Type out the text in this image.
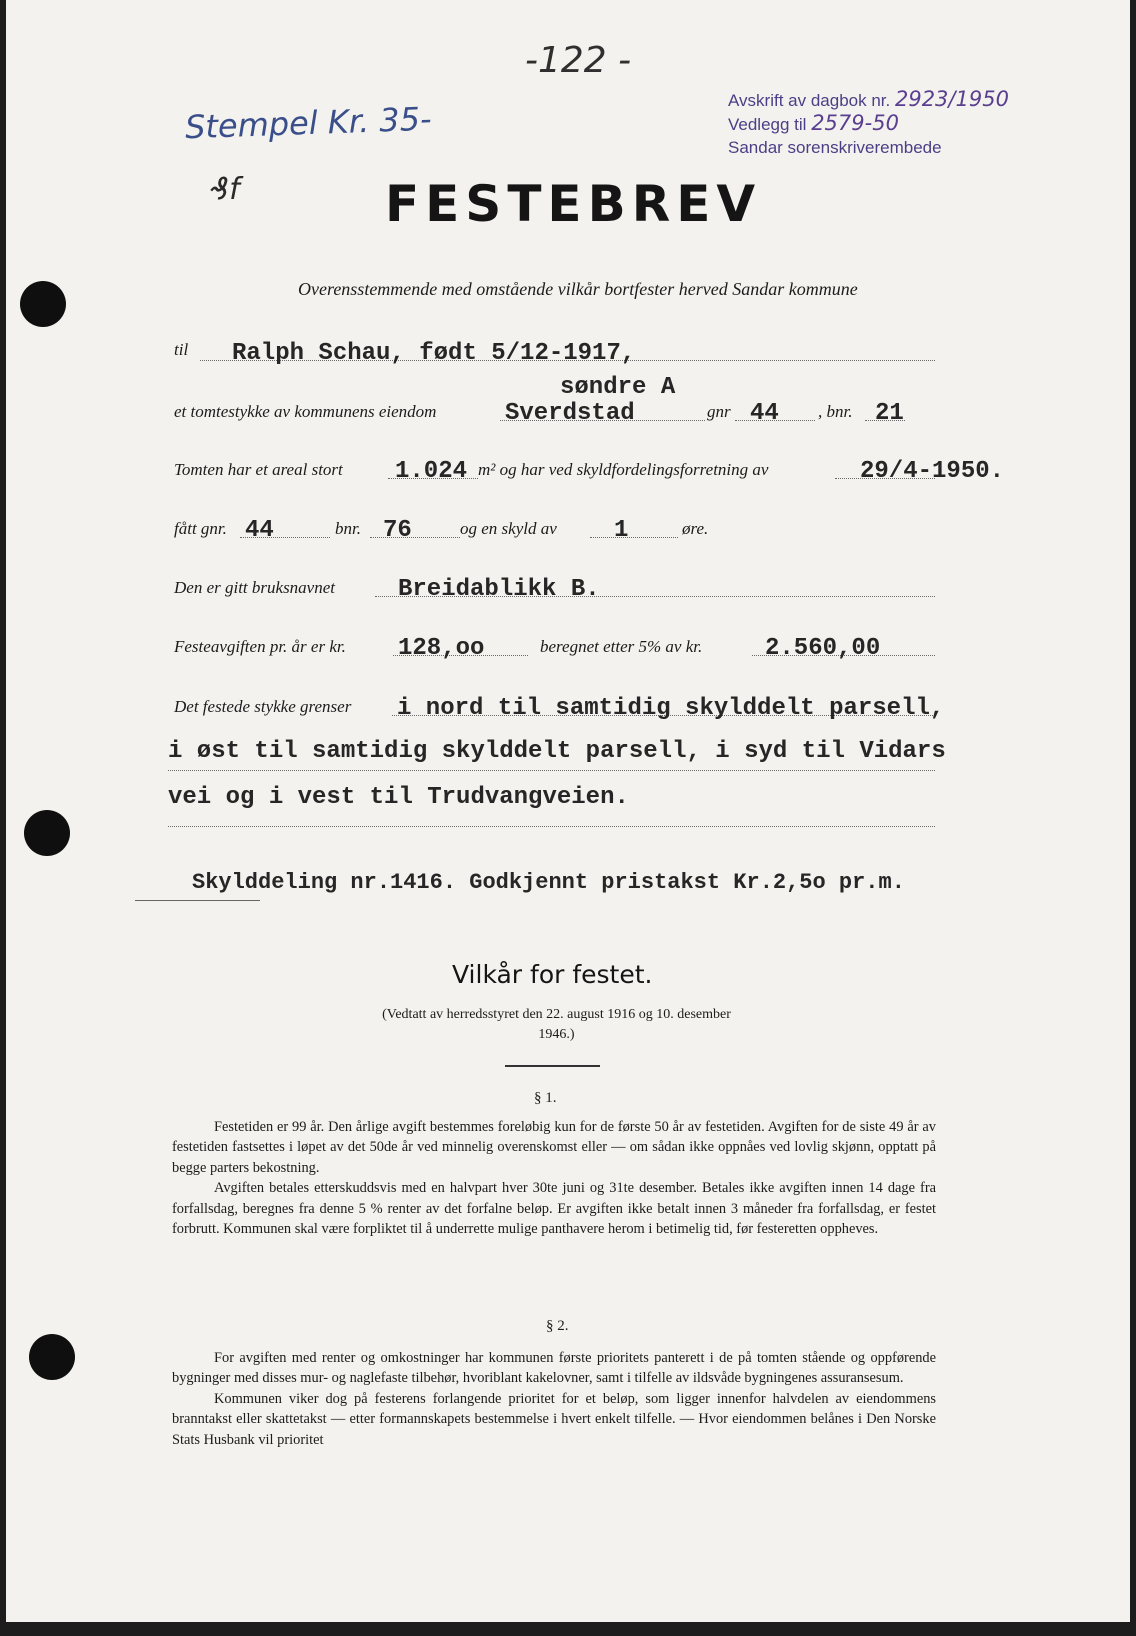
-122 -
Stempel Kr. 35-
₰f
Avskrift av dagbok nr. 2923/1950
Vedlegg til 2579-50
Sandar sorenskriverembede
FESTEBREV
Overensstemmende med omstående vilkår bortfester herved Sandar kommune
til Ralph Schau, født 5/12-1917,
søndre A
et tomtestykke av kommunens eiendom	Sverdstad	gnr 44 , bnr. 21
Tomten har et areal stort 1.024 m² og har ved skyldfordelingsforretning av	29/4-1950.
fått gnr. 44	bnr. 76	og en skyld av 1	øre.
Den er gitt bruksnavnet	Breidablikk B.
Festeavgiften pr. år er kr. 128,oo	beregnet etter 5% av kr.	2.560,00
Det festede stykke grenser i nord til samtidig skylddelt parsell,
i øst til samtidig skylddelt parsell, i syd til Vidars
vei og i vest til Trudvangveien.
Skylddeling nr.1416. Godkjennt pristakst Kr.2,5o pr.m.
Vilkår for festet.
(Vedtatt av herredsstyret den 22. august 1916 og 10. desember 1946.)
§ 1.

Festetiden er 99 år. Den årlige avgift bestemmes foreløbig kun for de første 50 år av festetiden. Avgiften for de siste 49 år av festetiden fastsettes i løpet av det 50de år ved minnelig overenskomst eller — om sådan ikke oppnåes ved lovlig skjønn, opptatt på begge parters bekostning.

Avgiften betales etterskuddsvis med en halvpart hver 30te juni og 31te desember. Betales ikke avgiften innen 14 dage fra forfallsdag, beregnes fra denne 5 % renter av det forfalne beløp. Er avgiften ikke betalt innen 3 måneder fra forfallsdag, er festet forbrutt. Kommunen skal være forpliktet til å underrette mulige panthavere herom i betimelig tid, før festeretten oppheves.

§ 2.

For avgiften med renter og omkostninger har kommunen første prioritets panterett i de på tomten stående og oppførende bygninger med disses mur- og naglefaste tilbehør, hvoriblant kakelovner, samt i tilfelle av ildsvåde bygningenes assuransesum.

Kommunen viker dog på festerens forlangende prioritet for et beløp, som ligger innenfor halvdelen av eiendommens branntakst eller skattetakst — etter formannskapets bestemmelse i hvert enkelt tilfelle. — Hvor eiendommen belånes i Den Norske Stats Husbank vil prioritet
